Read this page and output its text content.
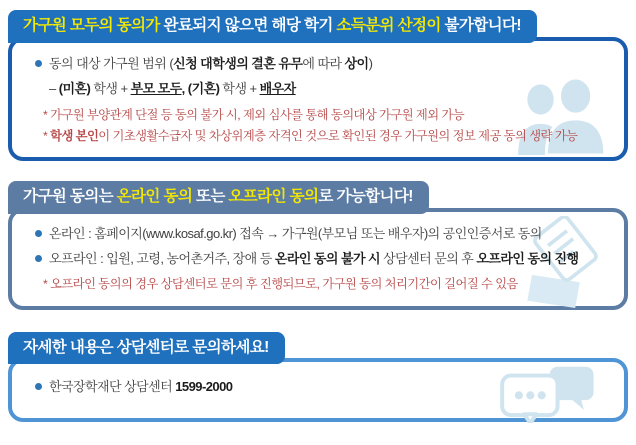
가구원 모두의 동의가 완료되지 않으면 해당 학기 소득분위 산정이 불가합니다!
동의 대상 가구원 범위 (신청 대학생의 결혼 유무에 따라 상이)
– (미혼) 학생 + 부모 모두, (기혼) 학생 + 배우자
* 가구원 부양관계 단절 등 동의 불가 시, 제외 심사를 통해 동의대상 가구원 제외 가능
* 학생 본인이 기초생활수급자 및 차상위계층 자격인 것으로 확인된 경우 가구원의 정보 제공 동의 생략 가능
가구원 동의는 온라인 동의 또는 오프라인 동의로 가능합니다!
온라인 : 홈페이지(www.kosaf.go.kr) 접속 → 가구원(부모님 또는 배우자)의 공인인증서로 동의
오프라인 : 입원, 고령, 농어촌거주, 장애 등 온라인 동의 불가 시 상담센터 문의 후 오프라인 동의 진행
* 오프라인 동의의 경우 상담센터로 문의 후 진행되므로, 가구원 동의 처리기간이 길어질 수 있음
자세한 내용은 상담센터로 문의하세요!
한국장학재단 상담센터 1599-2000
